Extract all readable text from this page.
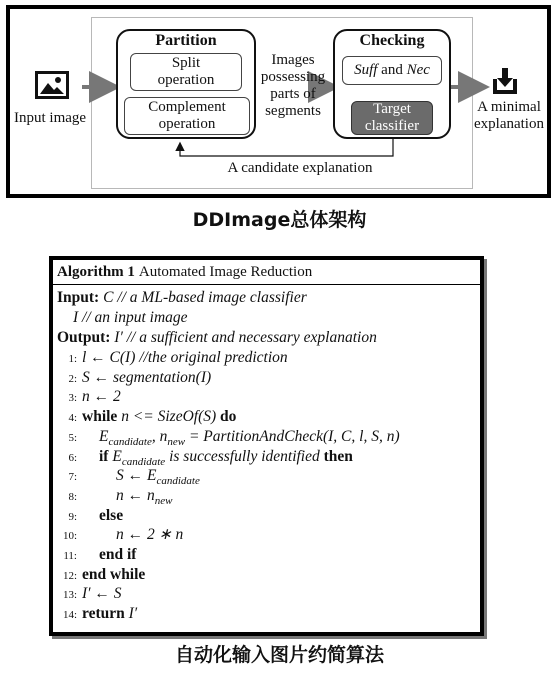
Input image
Partition
Split
operation
Complement
operation
Images
possessing
parts of
segments
Checking
Suff
and
Nec
Target
classifier
A minimal
explanation
A candidate explanation
DDImage总体架构
Algorithm 1 Automated Image Reduction
Input: C // a ML-based image classifier
I // an input image
Output: I′ // a sufficient and necessary explanation
1: l ← C(I) //the original prediction
2: S ← segmentation(I)
3: n ← 2
4: while n <= SizeOf(S) do
5: $E_{candidate}$, $n_{new}$ = PartitionAndCheck(I, C, l, S, n)
6: if $E_{candidate}$ is successfully identified then
7:	S ← $E_{candidate}$
8:	n ← $n_{new}$
9: else
10:	n ← 2 ∗ n
11: end if
12: end while
13: I′ ← S
14: return I′
自动化输入图片约简算法
